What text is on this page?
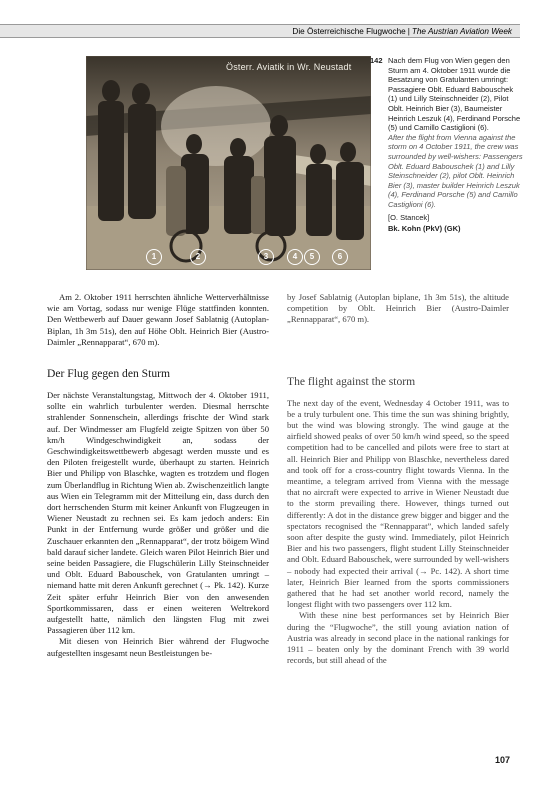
Die Österreichische Flugwoche | The Austrian Aviation Week
Österr. Aviatik in Wr. Neustadt
1	2	3	4	5	6
142 Nach dem Flug von Wien gegen den Sturm am 4. Oktober 1911 wurde die Besatzung von Gratulanten umringt: Passagiere Oblt. Eduard Babouschek (1) und Lilly Steinschneider (2), Pilot Oblt. Heinrich Bier (3), Baumeister Heinrich Leszuk (4), Ferdinand Porsche (5) und Camillo Castiglioni (6).
After the flight from Vienna against the storm on 4 October 1911, the crew was surrounded by well-wishers: Passengers Oblt. Eduard Babouschek (1) and Lilly Steinschneider (2), pilot Oblt. Heinrich Bier (3), master builder Heinrich Leszuk (4), Ferdinand Porsche (5) and Camillo Castiglioni (6).
[O. Stancek]
Bk. Kohn (PkV) (GK)

Am 2. Oktober 1911 herrschten ähnliche Wetterverhältnisse wie am Vortag, sodass nur wenige Flüge stattfinden konnten. Den Wettbewerb auf Dauer gewann Josef Sablatnig (Autoplan-Biplan, 1h 3m 51s), den auf Höhe Oblt. Heinrich Bier (Austro-Daimler „Rennapparat“, 670 m).

Der Flug gegen den Sturm

Der nächste Veranstaltungstag, Mittwoch der 4. Oktober 1911, sollte ein wahrlich turbulenter werden. Diesmal herrschte strahlender Sonnenschein, allerdings frischte der Wind stark auf. Der Windmesser am Flugfeld zeigte Spitzen von über 50 km/h Windgeschwindigkeit an, sodass der Geschwindigkeitswettbewerb abgesagt werden musste und es den Piloten freigestellt wurde, überhaupt zu starten. Heinrich Bier und Philipp von Blaschke, wagten es trotzdem und flogen zum Überlandflug in Richtung Wien ab. Zwischenzeitlich langte aus Wien ein Telegramm mit der Mitteilung ein, dass durch den dort herrschenden Sturm mit keiner Ankunft von Flugzeugen in Wiener Neustadt zu rechnen sei. Es kam jedoch anders: Ein Punkt in der Entfernung wurde größer und größer und die Zuschauer erkannten den „Rennapparat“, der trotz böigem Wind bald darauf sicher landete. Gleich waren Pilot Heinrich Bier und seine beiden Passagiere, die Flugschülerin Lilly Steinschneider und Oblt. Eduard Babouschek, von Gratulanten umringt – niemand hatte mit deren Ankunft gerechnet (→ Pk. 142). Kurze Zeit später erfuhr Heinrich Bier von den anwesenden Sportkommissaren, dass er einen weiteren Weltrekord aufgestellt hatte, nämlich den längsten Flug mit zwei Passagieren über 112 km.

Mit diesen von Heinrich Bier während der Flugwoche aufgestellten insgesamt neun Bestleistungen be-

by Josef Sablatnig (Autoplan biplane, 1h 3m 51s), the altitude competition by Oblt. Heinrich Bier (Austro-Daimler „Rennapparat“, 670 m).

The flight against the storm

The next day of the event, Wednesday 4 October 1911, was to be a truly turbulent one. This time the sun was shining brightly, but the wind was blowing strongly. The wind gauge at the airfield showed peaks of over 50 km/h wind speed, so the speed competition had to be cancelled and pilots were free to start at all. Heinrich Bier and Philipp von Blaschke, nevertheless dared and took off for a cross-country flight towards Vienna. In the meantime, a telegram arrived from Vienna with the message that no aircraft were expected to arrive in Wiener Neustadt due to the storm prevailing there. However, things turned out differently: A dot in the distance grew bigger and bigger and the spectators recognised the “Rennapparat”, which landed safely soon after despite the gusty wind. Immediately, pilot Heinrich Bier and his two passengers, flight student Lilly Steinschneider and Oblt. Eduard Babouschek, were surrounded by well-wishers – nobody had expected their arrival (→ Pc. 142). A short time later, Heinrich Bier learned from the sports commissioners gathered that he had set another world record, namely the longest flight with two passengers over 112 km.

With these nine best performances set by Heinrich Bier during the “Flugwoche”, the still young aviation nation of Austria was already in second place in the national rankings for 1911 – beaten only by the dominant French with 39 world records, but still ahead of the

107
